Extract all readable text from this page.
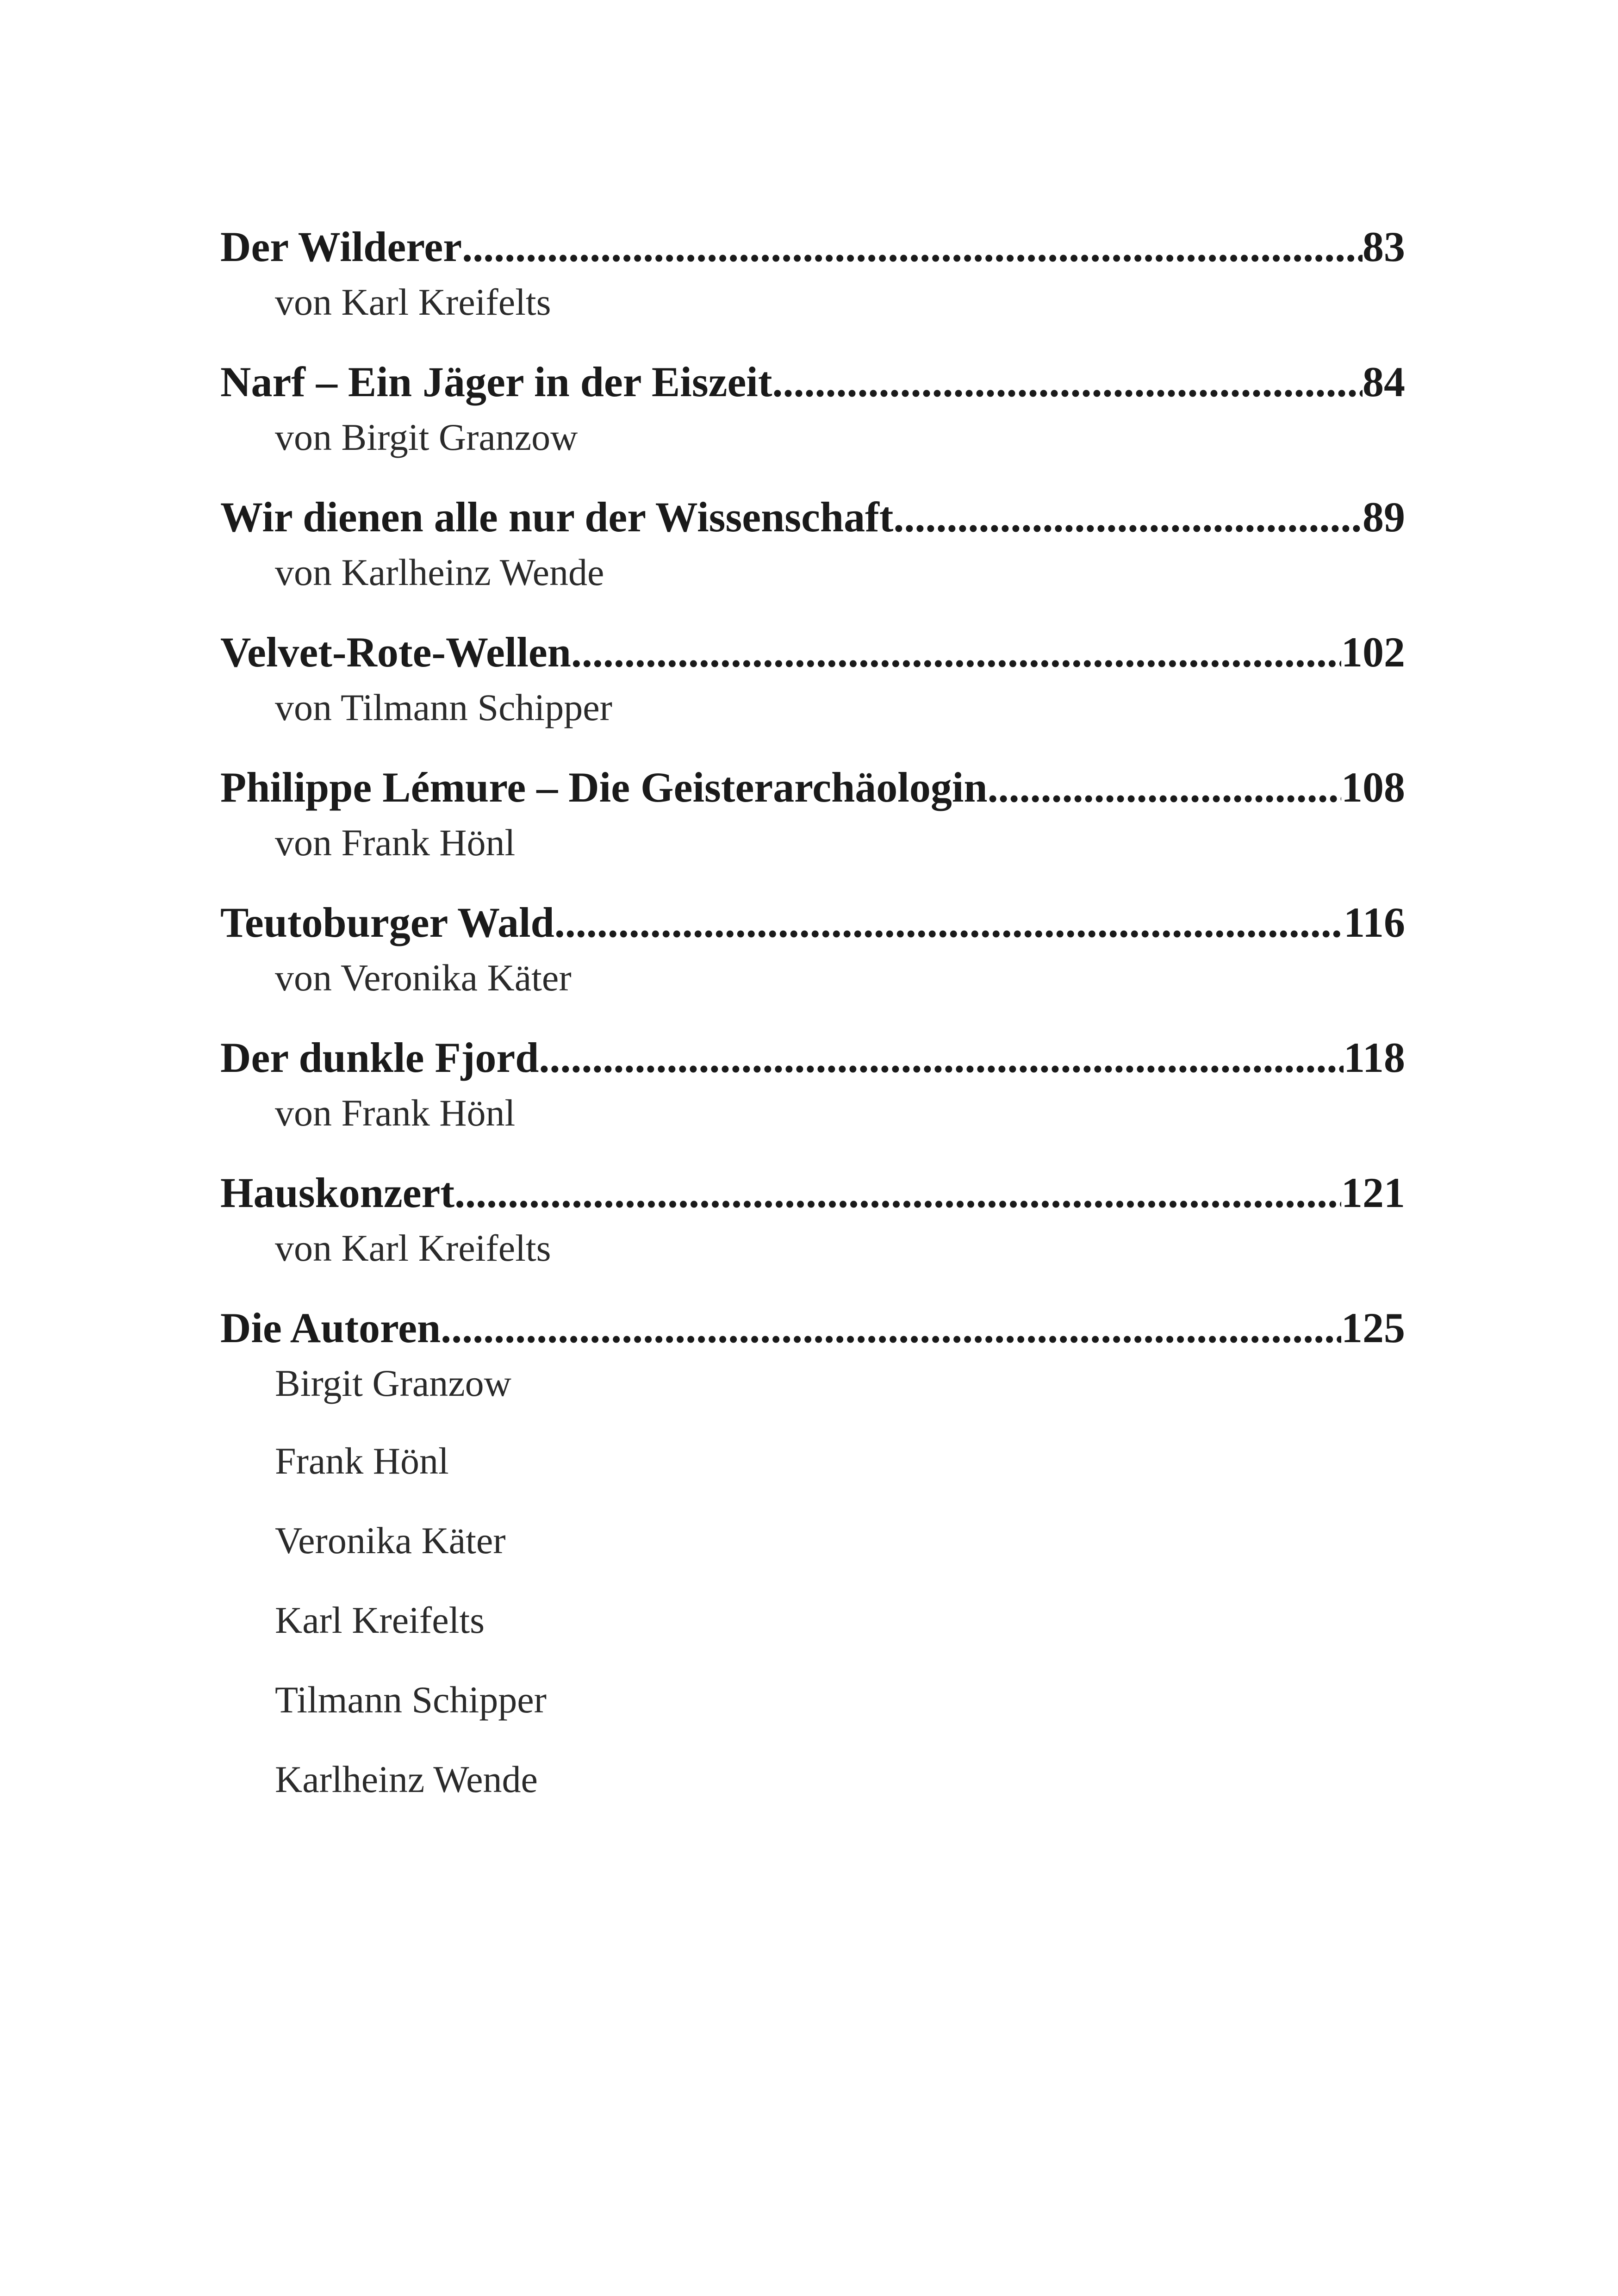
Der Wilderer .....	83
von Karl Kreifelts
Narf – Ein Jäger in der Eiszeit .....	84
von Birgit Granzow
Wir dienen alle nur der Wissenschaft .....	89
von Karlheinz Wende
Velvet-Rote-Wellen .....	102
von Tilmann Schipper
Philippe Lémure – Die Geisterarchäologin .....	108
von Frank Hönl
Teutoburger Wald .....	116
von Veronika Käter
Der dunkle Fjord .....	118
von Frank Hönl
Hauskonzert .....	121
von Karl Kreifelts
Die Autoren .....	125
Birgit Granzow
Frank Hönl
Veronika Käter
Karl Kreifelts
Tilmann Schipper
Karlheinz Wende
